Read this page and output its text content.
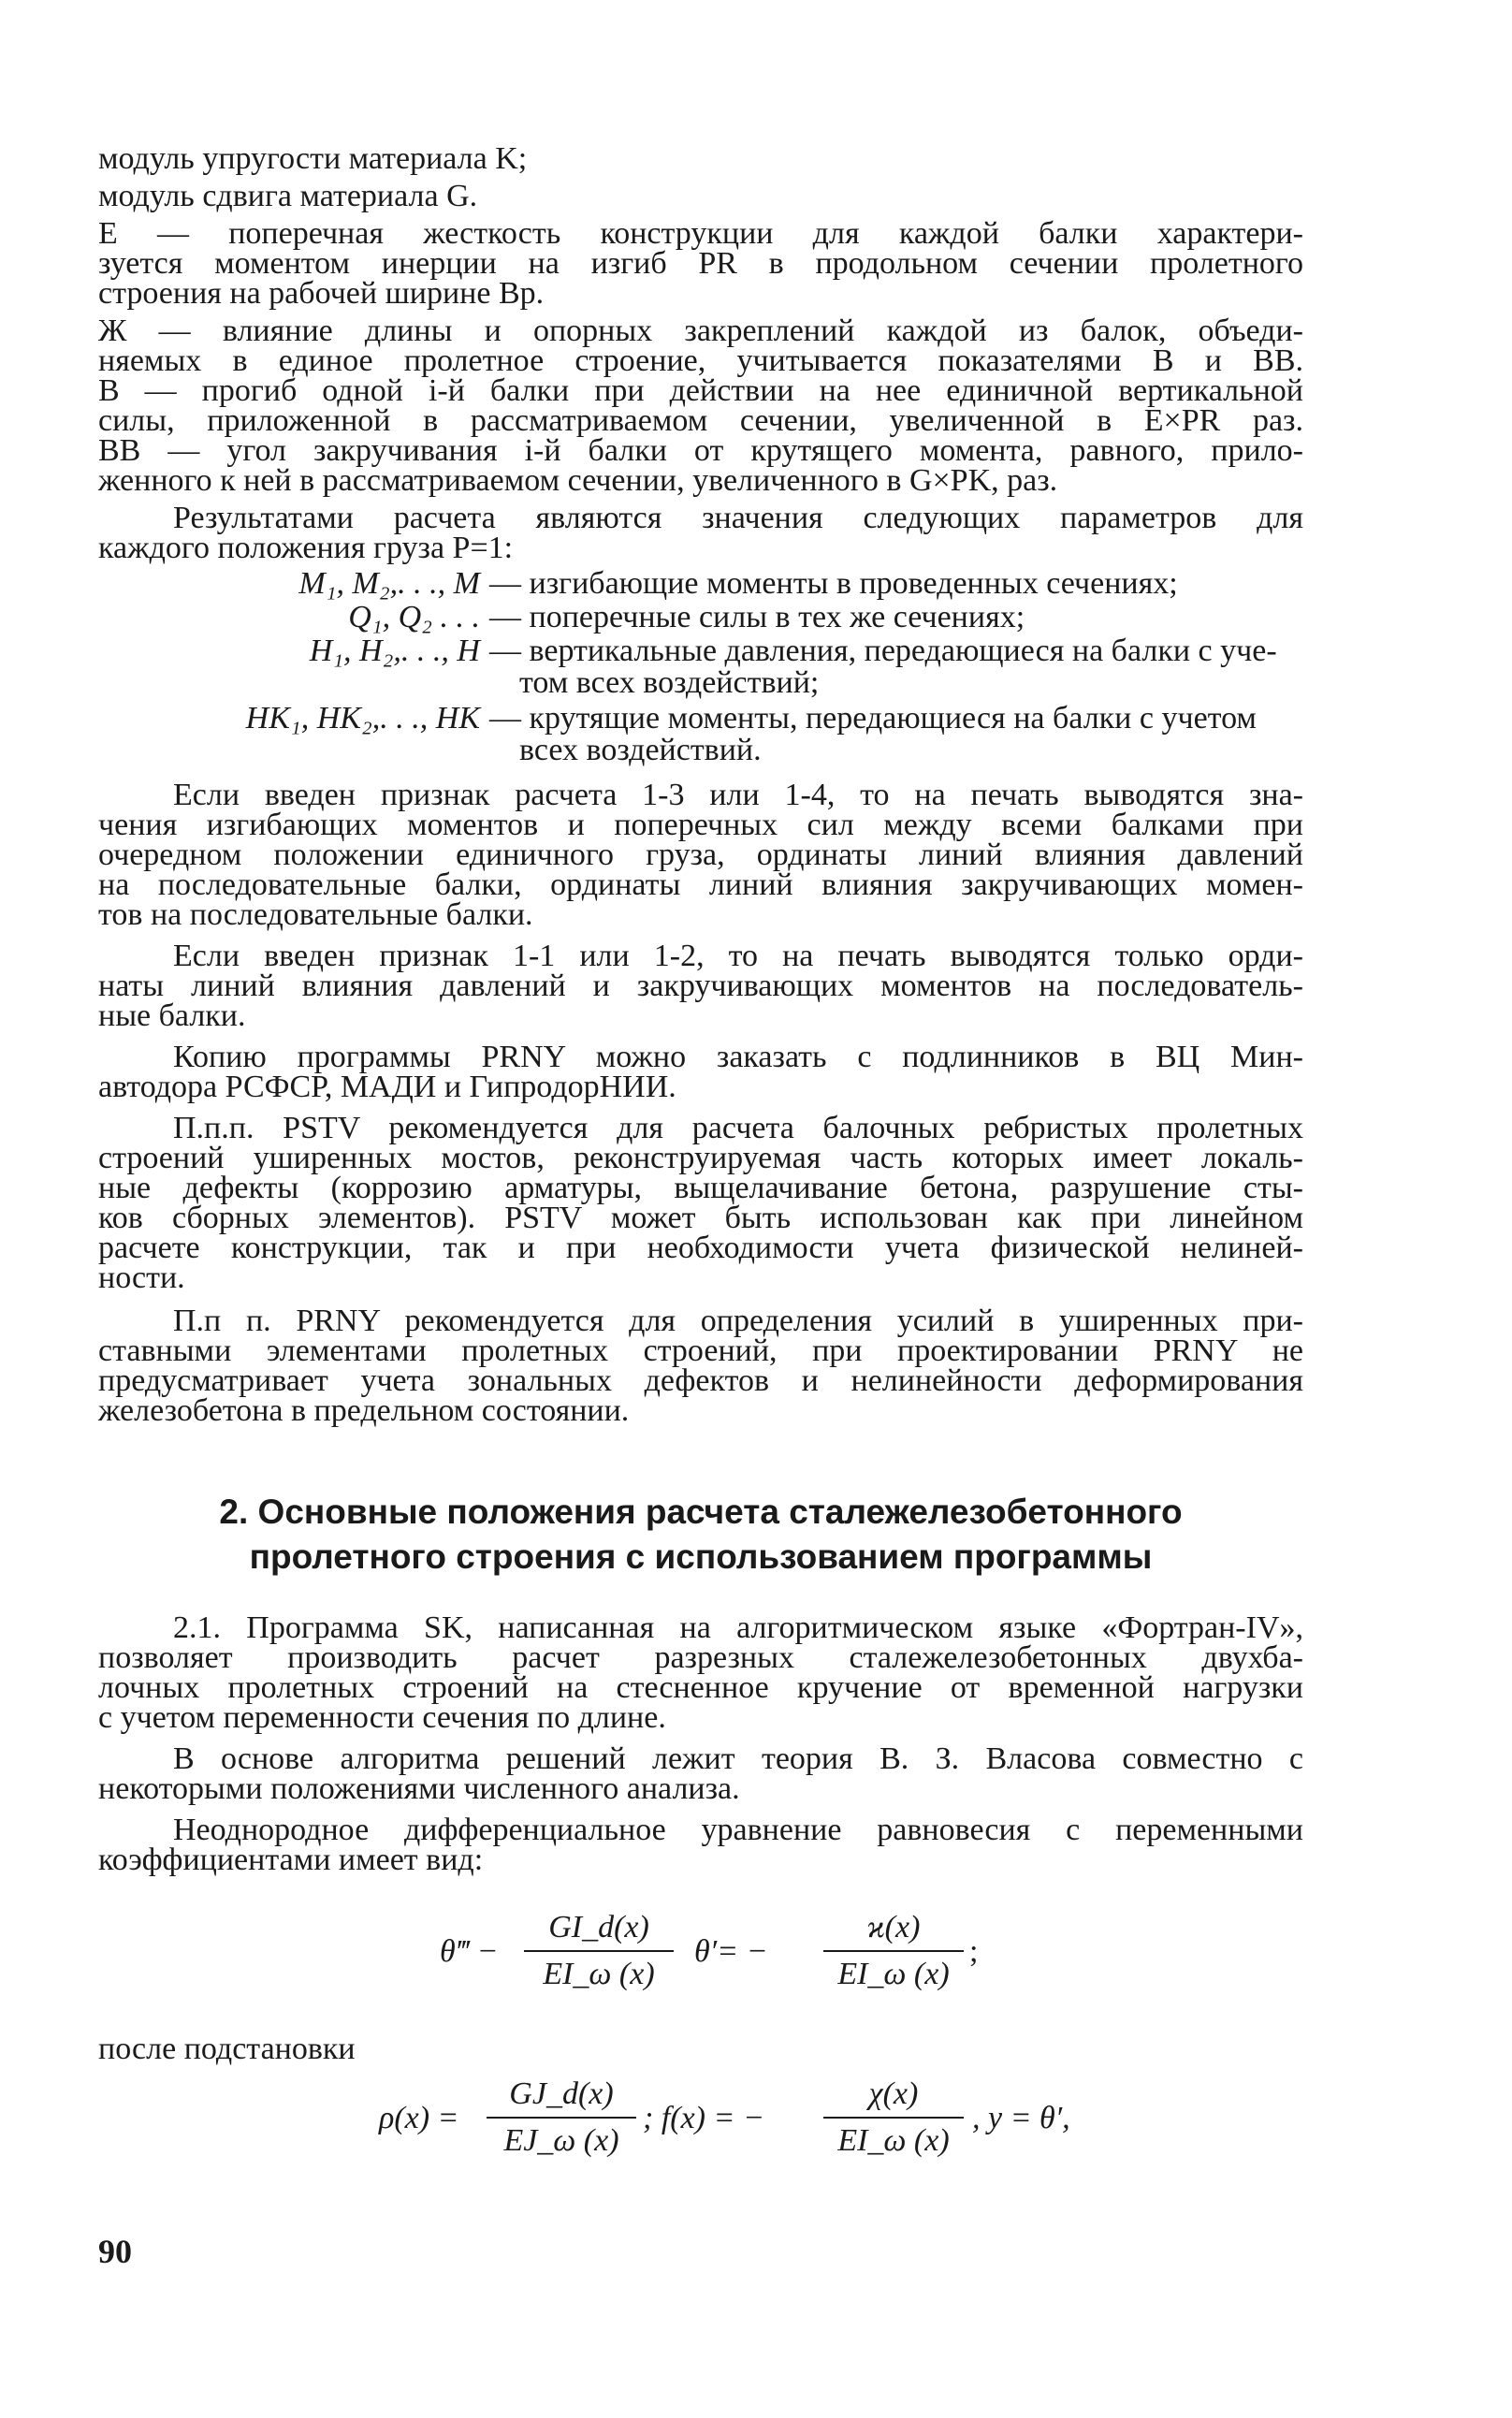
модуль упругости материала K;
модуль сдвига материала G.
Е — поперечная жесткость конструкции для каждой балки характери-
зуется моментом инерции на изгиб PR в продольном сечении пролетного
строения на рабочей ширине Bр.
Ж — влияние длины и опорных закреплений каждой из балок, объеди-
няемых в единое пролетное строение, учитывается показателями B и BB.
B — прогиб одной i-й балки при действии на нее единичной вертикальной
силы, приложенной в рассматриваемом сечении, увеличенной в E×PR раз.
BB — угол закручивания i-й балки от крутящего момента, равного, прило-
женного к ней в рассматриваемом сечении, увеличенного в G×PK, раз.
Результатами расчета являются значения следующих параметров для
каждого положения груза P=1:
M₁, M₂,. . ., M — изгибающие моменты в проведенных сечениях;
Q₁, Q₂ . . . — поперечные силы в тех же сечениях;
H₁, H₂,. . ., H — вертикальные давления, передающиеся на балки с уче-
том всех воздействий;
HK₁, HK₂,. . ., HK — крутящие моменты, передающиеся на балки с учетом
всех воздействий.
Если введен признак расчета 1-3 или 1-4, то на печать выводятся зна-
чения изгибающих моментов и поперечных сил между всеми балками при
очередном положении единичного груза, ординаты линий влияния давлений
на последовательные балки, ординаты линий влияния закручивающих момен-
тов на последовательные балки.
Если введен признак 1-1 или 1-2, то на печать выводятся только орди-
наты линий влияния давлений и закручивающих моментов на последователь-
ные балки.
Копию программы PRNY можно заказать с подлинников в ВЦ Мин-
автодора РСФСР, МАДИ и ГипродорНИИ.
П.п.п. PSTV рекомендуется для расчета балочных ребристых пролетных
строений уширенных мостов, реконструируемая часть которых имеет локаль-
ные дефекты (коррозию арматуры, выщелачивание бетона, разрушение сты-
ков сборных элементов). PSTV может быть использован как при линейном
расчете конструкции, так и при необходимости учета физической нелиней-
ности.
П.п п. PRNY рекомендуется для определения усилий в уширенных при-
ставными элементами пролетных строений, при проектировании PRNY не
предусматривает учета зональных дефектов и нелинейности деформирования
железобетона в предельном состоянии.
2. Основные положения расчета сталежелезобетонного
пролетного строения с использованием программы
2.1. Программа SK, написанная на алгоритмическом языке «Фортран-IV»,
позволяет производить расчет разрезных сталежелезобетонных двухба-
лочных пролетных строений на стесненное кручение от временной нагрузки
с учетом переменности сечения по длине.
В основе алгоритма решений лежит теория В. З. Власова совместно с
некоторыми положениями численного анализа.
Неоднородное дифференциальное уравнение равновесия с переменными
коэффициентами имеет вид:
θ‴ −
GI_d(x)
EI_ω (x)
θ′= −
ϰ(x)
EI_ω (x)
;
после подстановки
ρ(x) =
GJ_d(x)
EJ_ω (x)
; f(x) = −
χ(x)
EI_ω (x)
, y = θ′,
90
